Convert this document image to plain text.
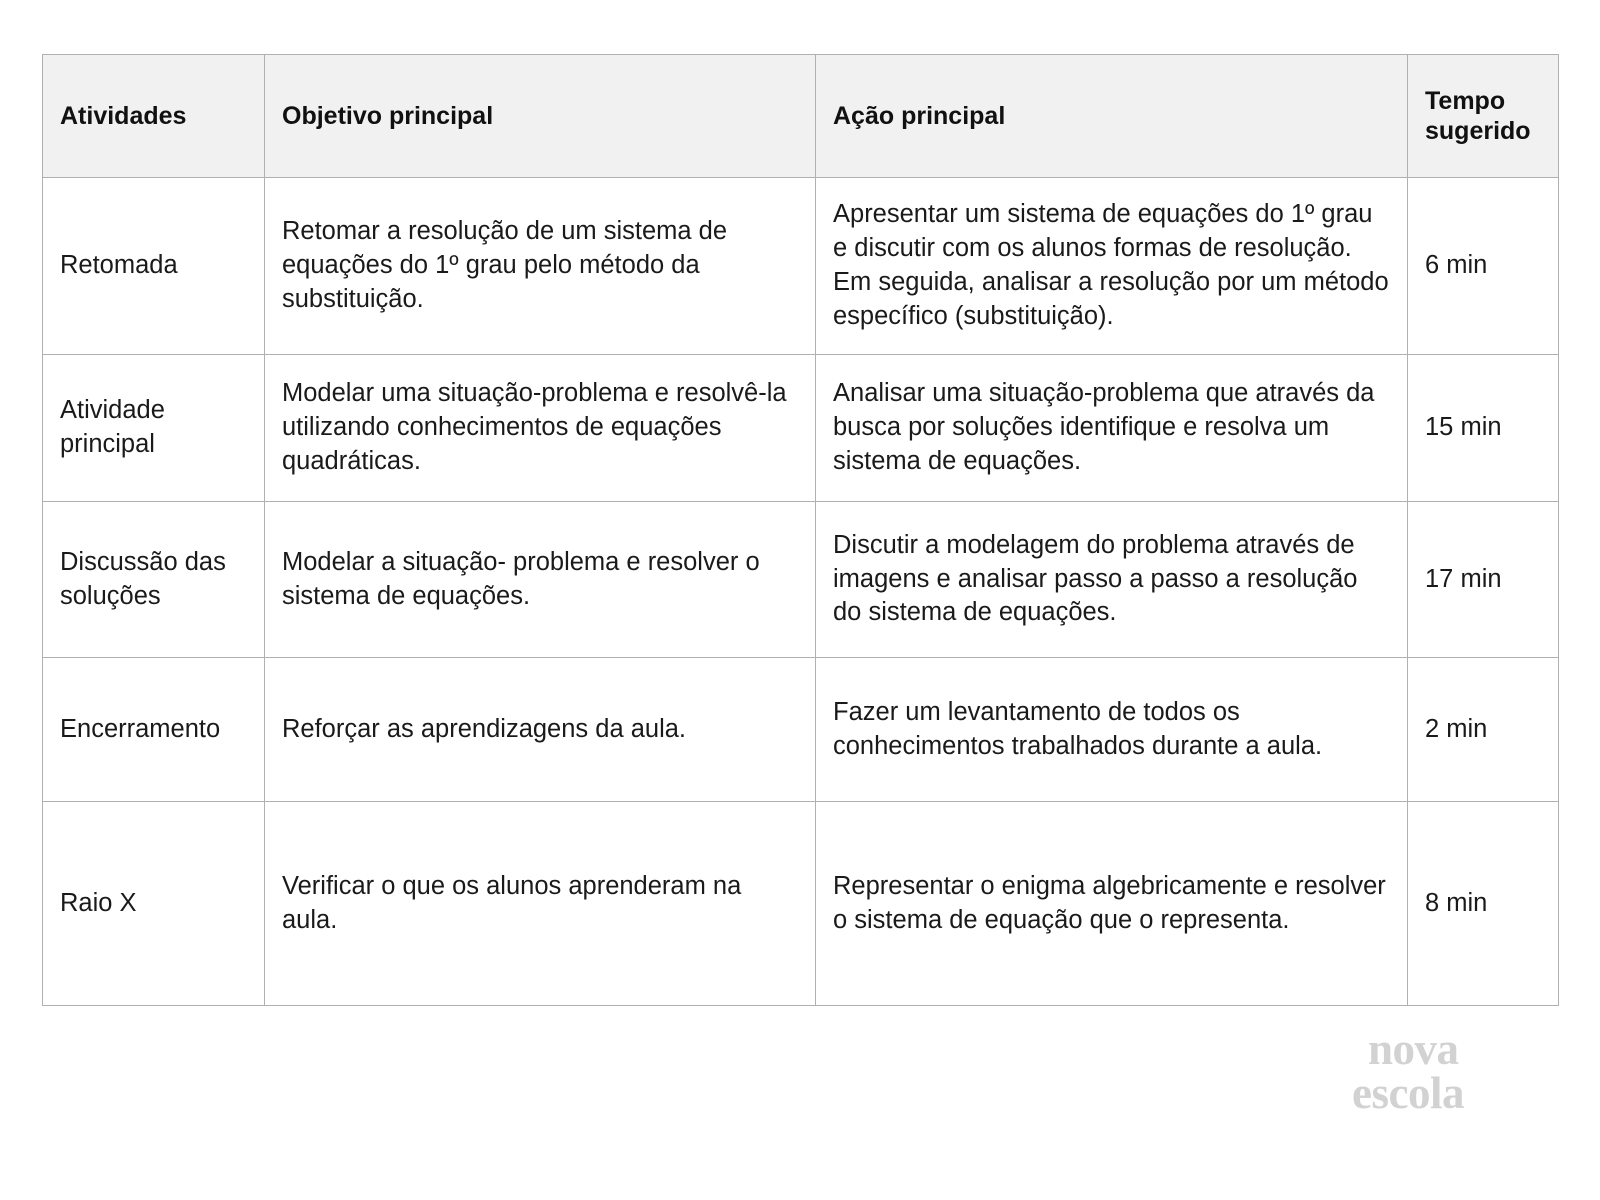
Atividades	Objetivo principal	Ação principal	Tempo sugerido

Retomada	Retomar a resolução de um sistema de equações do 1º grau pelo método da substituição.	Apresentar um sistema de equações do 1º grau e discutir com os alunos formas de resolução. Em seguida, analisar a resolução por um método específico (substituição).	6 min

Atividade principal	Modelar uma situação-problema e resolvê-la utilizando conhecimentos de equações quadráticas.	Analisar uma situação-problema que através da busca por soluções identifique e resolva um sistema de equações.	15 min

Discussão das soluções	Modelar a situação- problema e resolver o sistema de equações.	Discutir a modelagem do problema através de imagens e analisar passo a passo a resolução do sistema de equações.	17 min

Encerramento	Reforçar as aprendizagens da aula.	Fazer um levantamento de todos os conhecimentos trabalhados durante a aula.	2 min

Raio X	Verificar o que os alunos aprenderam na aula.	Representar o enigma algebricamente e resolver o sistema de equação que o representa.	8 min
nova
escola
